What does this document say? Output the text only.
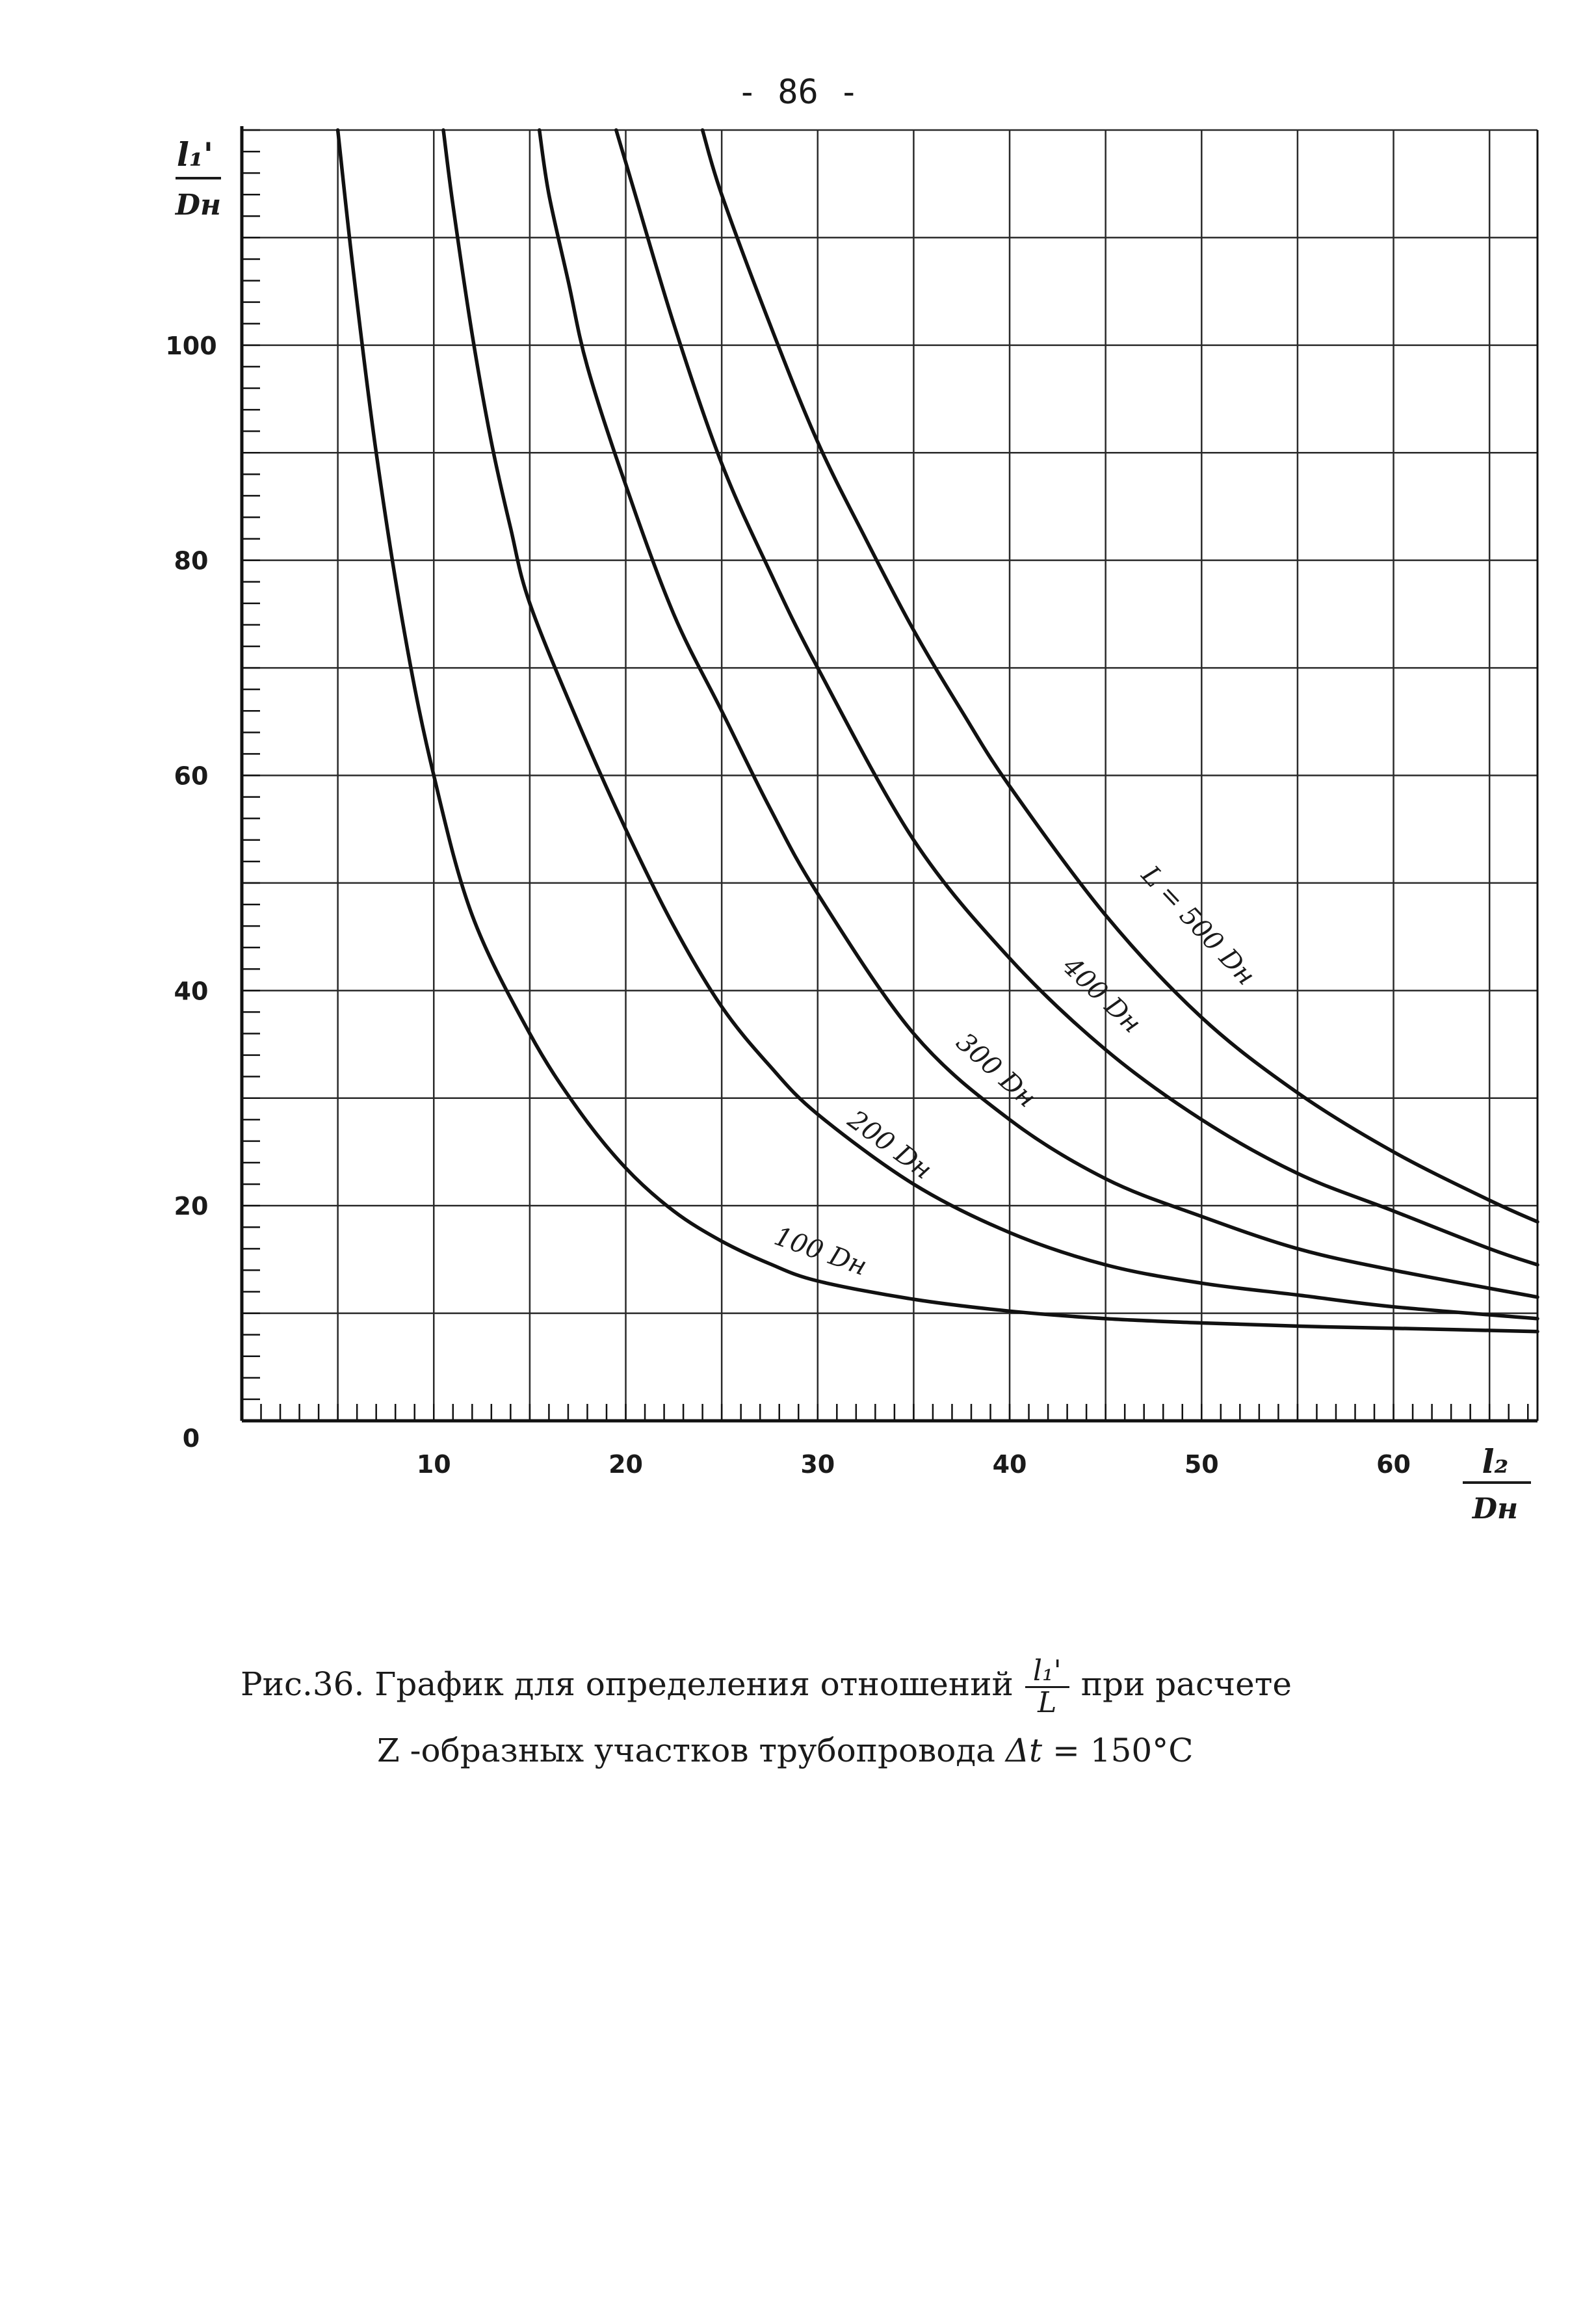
- 86 -
10	20	30	40	50	60
0
20
40
60
80
100
100 Dн
200 Dн
300 Dн
400 Dн
L = 500 Dн
l₁'
Dн
l₂
Dн
Рис.36. График для определения отношений $\frac{\text{l₁'}}{L}$ при расчете
Z -образных участков трубопровода Δt = 150°C
